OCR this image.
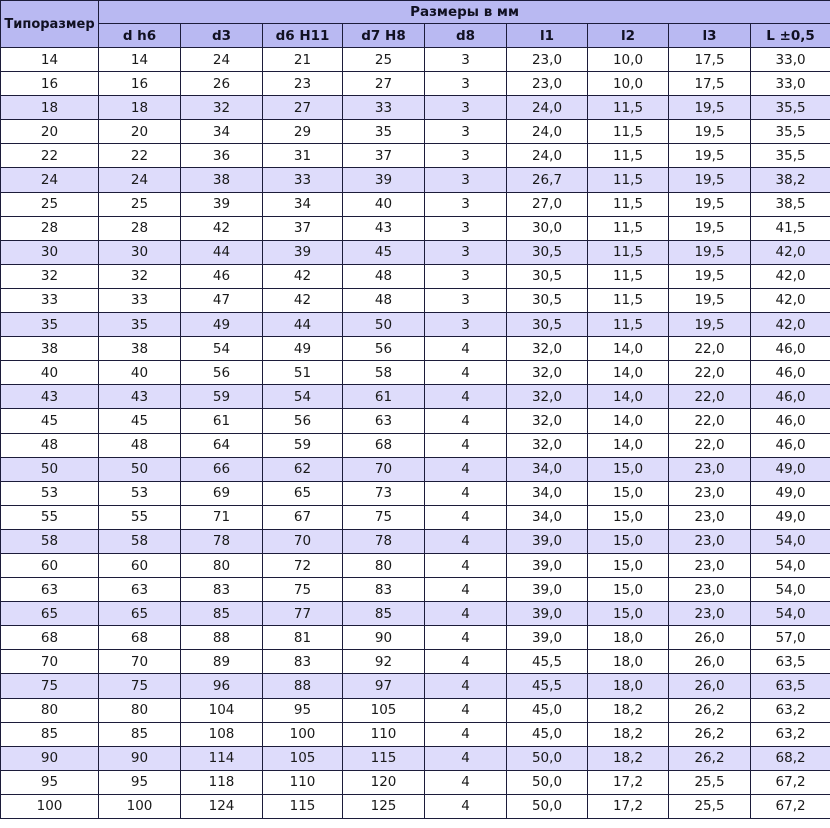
Типоразмер	Размеры в мм								
	d h6	d3	d6 H11	d7 H8	d8	l1	l2	l3	L ±0,5
14	14	24	21	25	3	23,0	10,0	17,5	33,0
16	16	26	23	27	3	23,0	10,0	17,5	33,0
18	18	32	27	33	3	24,0	11,5	19,5	35,5
20	20	34	29	35	3	24,0	11,5	19,5	35,5
22	22	36	31	37	3	24,0	11,5	19,5	35,5
24	24	38	33	39	3	26,7	11,5	19,5	38,2
25	25	39	34	40	3	27,0	11,5	19,5	38,5
28	28	42	37	43	3	30,0	11,5	19,5	41,5
30	30	44	39	45	3	30,5	11,5	19,5	42,0
32	32	46	42	48	3	30,5	11,5	19,5	42,0
33	33	47	42	48	3	30,5	11,5	19,5	42,0
35	35	49	44	50	3	30,5	11,5	19,5	42,0
38	38	54	49	56	4	32,0	14,0	22,0	46,0
40	40	56	51	58	4	32,0	14,0	22,0	46,0
43	43	59	54	61	4	32,0	14,0	22,0	46,0
45	45	61	56	63	4	32,0	14,0	22,0	46,0
48	48	64	59	68	4	32,0	14,0	22,0	46,0
50	50	66	62	70	4	34,0	15,0	23,0	49,0
53	53	69	65	73	4	34,0	15,0	23,0	49,0
55	55	71	67	75	4	34,0	15,0	23,0	49,0
58	58	78	70	78	4	39,0	15,0	23,0	54,0
60	60	80	72	80	4	39,0	15,0	23,0	54,0
63	63	83	75	83	4	39,0	15,0	23,0	54,0
65	65	85	77	85	4	39,0	15,0	23,0	54,0
68	68	88	81	90	4	39,0	18,0	26,0	57,0
70	70	89	83	92	4	45,5	18,0	26,0	63,5
75	75	96	88	97	4	45,5	18,0	26,0	63,5
80	80	104	95	105	4	45,0	18,2	26,2	63,2
85	85	108	100	110	4	45,0	18,2	26,2	63,2
90	90	114	105	115	4	50,0	18,2	26,2	68,2
95	95	118	110	120	4	50,0	17,2	25,5	67,2
100	100	124	115	125	4	50,0	17,2	25,5	67,2
